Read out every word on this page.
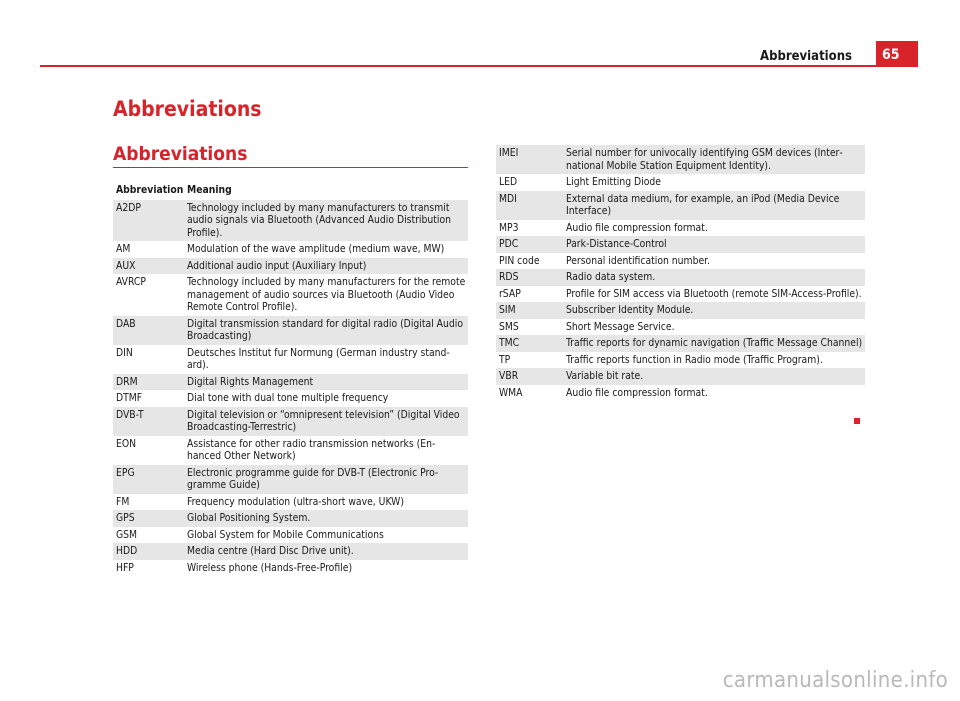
Abbreviations	65
Abbreviations
Abbreviations
Abbreviation	Meaning
A2DP	Technology included by many manufacturers to transmit audio signals via Bluetooth (Advanced Audio Distribution Profile).
AM	Modulation of the wave amplitude (medium wave, MW)
AUX	Additional audio input (Auxiliary Input)
AVRCP	Technology included by many manufacturers for the remote management of audio sources via Bluetooth (Audio Video Remote Control Profile).
DAB	Digital transmission standard for digital radio (Digital Audio Broadcasting)
DIN	Deutsches Institut fur Normung (German industry standard).
DRM	Digital Rights Management
DTMF	Dial tone with dual tone multiple frequency
DVB-T	Digital television or “omnipresent television” (Digital Video Broadcasting-Terrestric)
EON	Assistance for other radio transmission networks (Enhanced Other Network)
EPG	Electronic programme guide for DVB-T (Electronic Programme Guide)
FM	Frequency modulation (ultra-short wave, UKW)
GPS	Global Positioning System.
GSM	Global System for Mobile Communications
HDD	Media centre (Hard Disc Drive unit).
HFP	Wireless phone (Hands-Free-Profile)
IMEI	Serial number for univocally identifying GSM devices (International Mobile Station Equipment Identity).
LED	Light Emitting Diode
MDI	External data medium, for example, an iPod (Media Device Interface)
MP3	Audio file compression format.
PDC	Park-Distance-Control
PIN code	Personal identification number.
RDS	Radio data system.
rSAP	Profile for SIM access via Bluetooth (remote SIM-Access-Profile).
SIM	Subscriber Identity Module.
SMS	Short Message Service.
TMC	Traffic reports for dynamic navigation (Traffic Message Channel)
TP	Traffic reports function in Radio mode (Traffic Program).
VBR	Variable bit rate.
WMA	Audio file compression format.
carmanualsonline.info
